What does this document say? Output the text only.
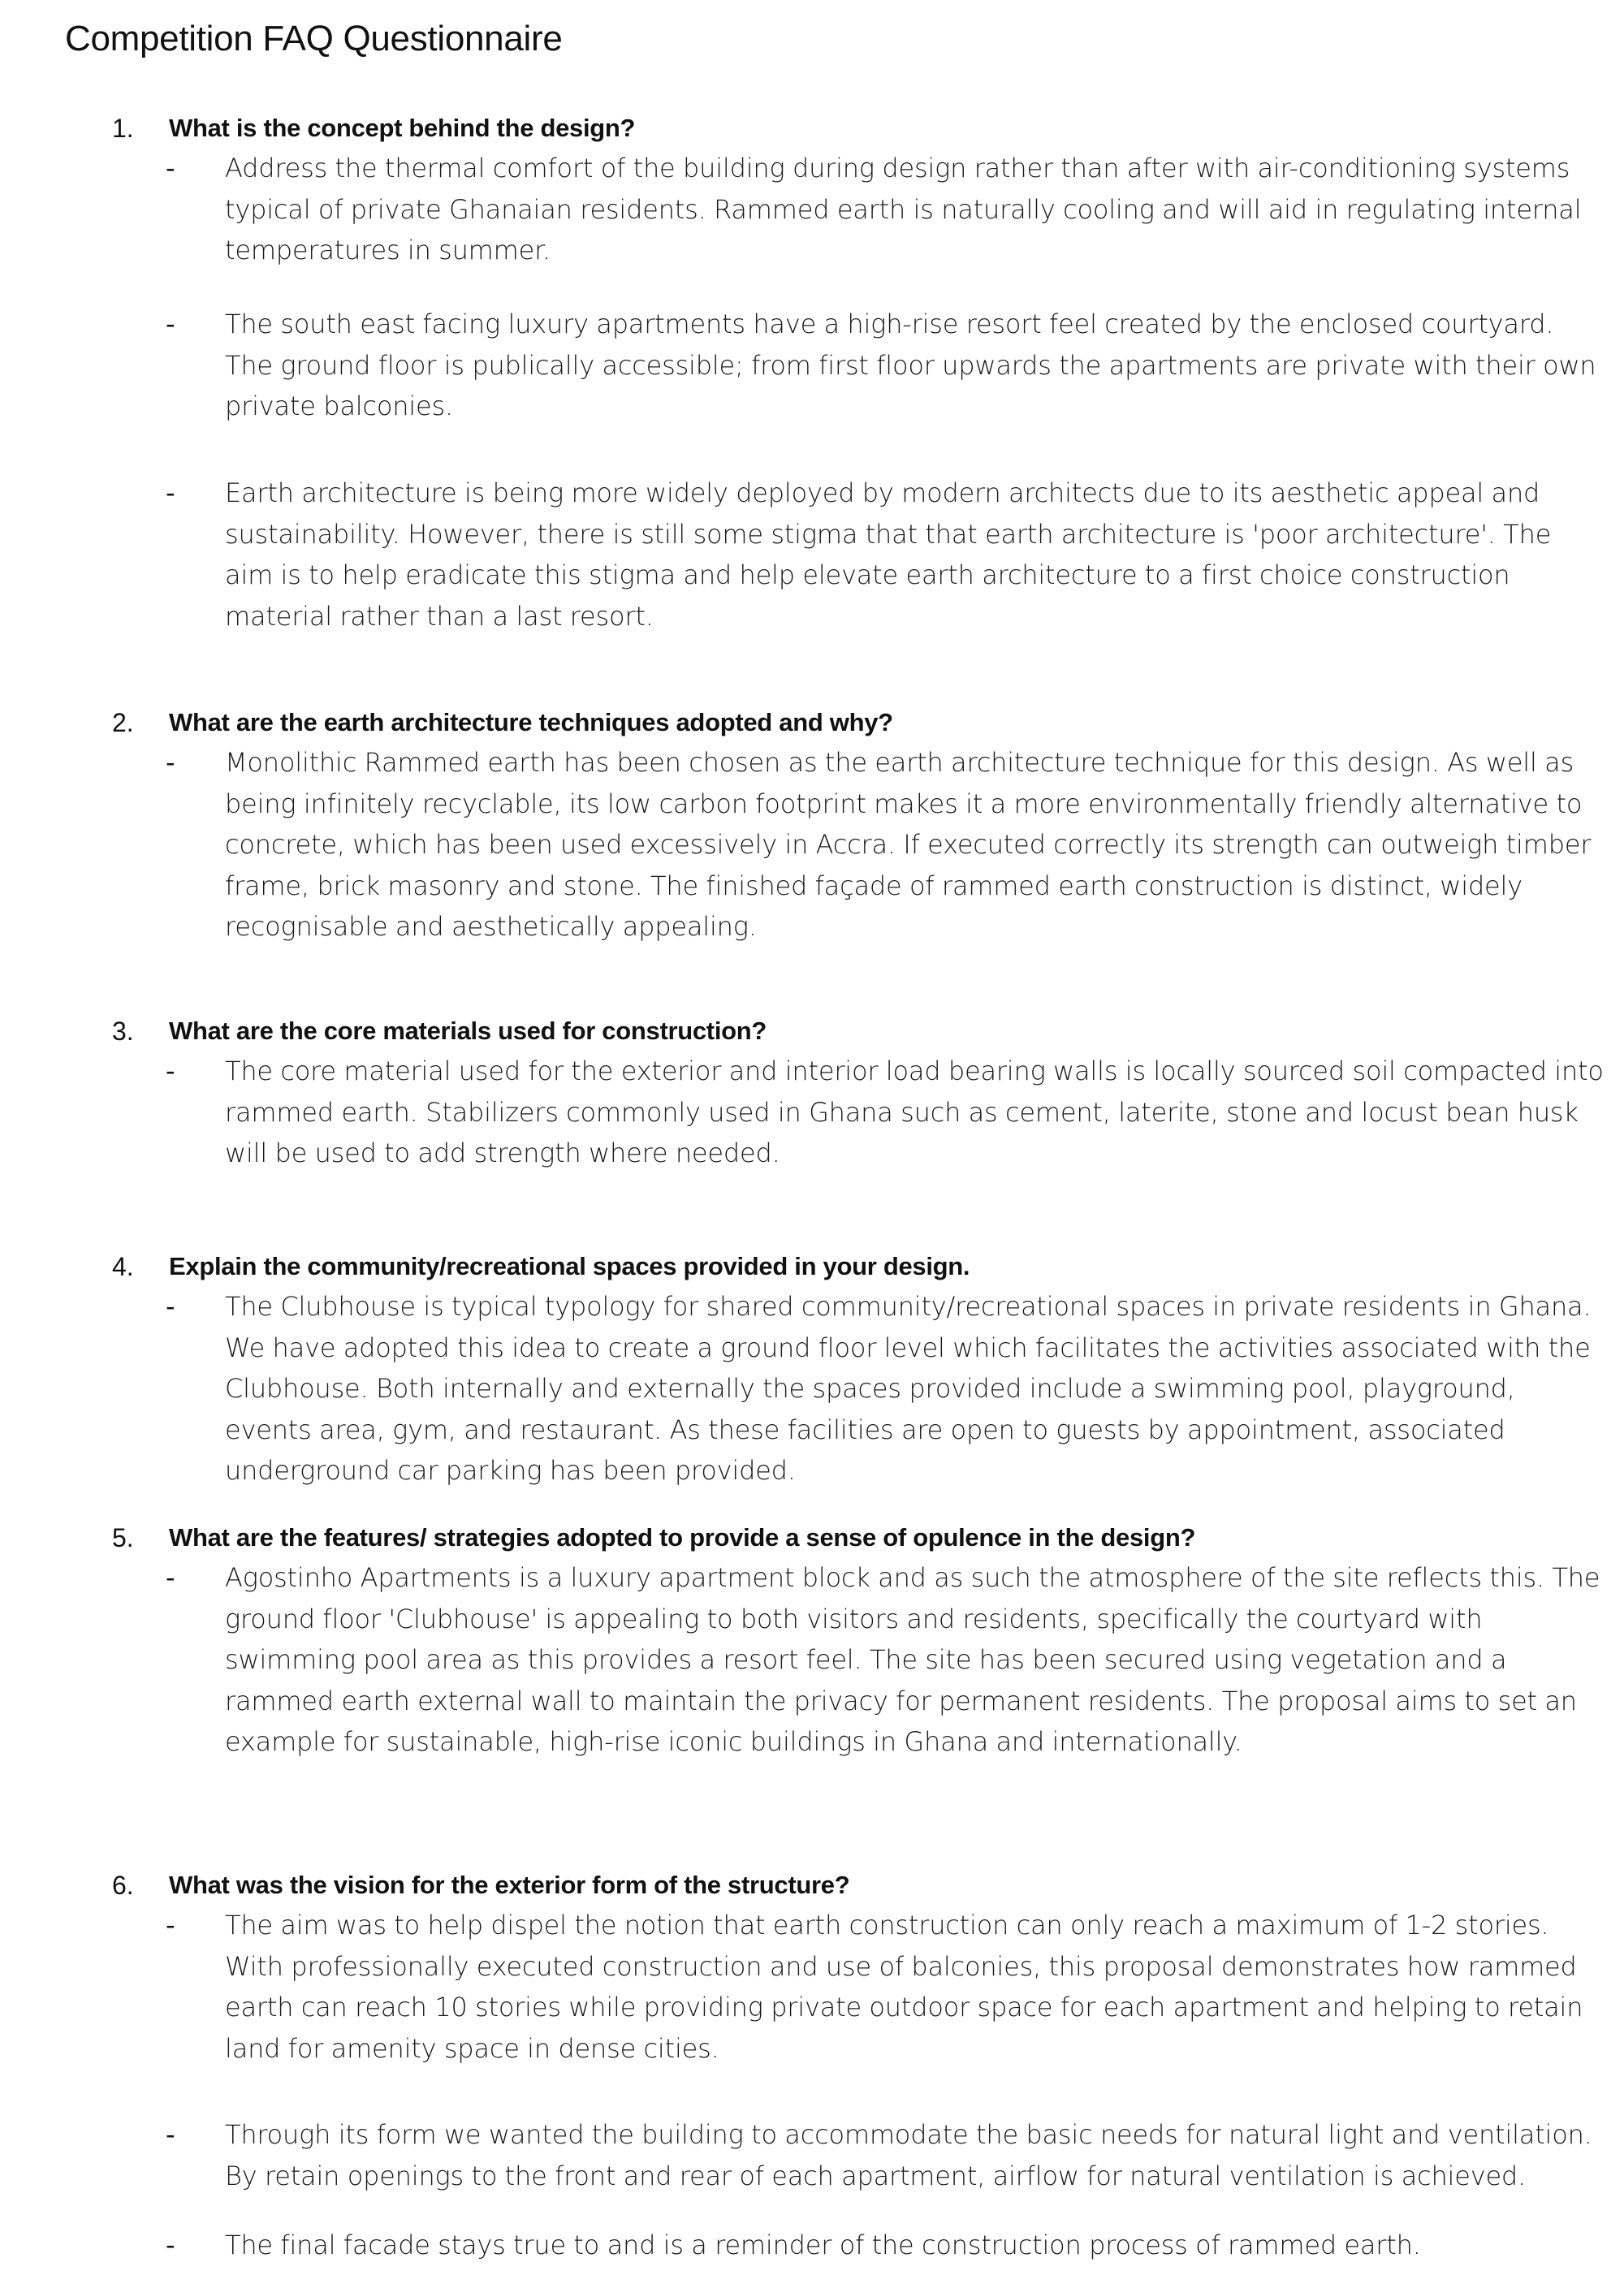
Competition FAQ Questionnaire
1. What is the concept behind the design?
- Address the thermal comfort of the building during design rather than after with air-conditioning systems typical of private Ghanaian residents. Rammed earth is naturally cooling and will aid in regulating internal temperatures in summer.

- The south east facing luxury apartments have a high-rise resort feel created by the enclosed courtyard. The ground floor is publically accessible; from first floor upwards the apartments are private with their own private balconies.

- Earth architecture is being more widely deployed by modern architects due to its aesthetic appeal and sustainability. However, there is still some stigma that that earth architecture is 'poor architecture'. The aim is to help eradicate this stigma and help elevate earth architecture to a first choice construction material rather than a last resort.

2. What are the earth architecture techniques adopted and why?
- Monolithic Rammed earth has been chosen as the earth architecture technique for this design. As well as being infinitely recyclable, its low carbon footprint makes it a more environmentally friendly alternative to concrete, which has been used excessively in Accra. If executed correctly its strength can outweigh timber frame, brick masonry and stone. The finished façade of rammed earth construction is distinct, widely recognisable and aesthetically appealing.

3. What are the core materials used for construction?
- The core material used for the exterior and interior load bearing walls is locally sourced soil compacted into rammed earth. Stabilizers commonly used in Ghana such as cement, laterite, stone and locust bean husk will be used to add strength where needed.

4. Explain the community/recreational spaces provided in your design.
- The Clubhouse is typical typology for shared community/recreational spaces in private residents in Ghana. We have adopted this idea to create a ground floor level which facilitates the activities associated with the Clubhouse. Both internally and externally the spaces provided include a swimming pool, playground, events area, gym, and restaurant. As these facilities are open to guests by appointment, associated underground car parking has been provided.

5. What are the features/ strategies adopted to provide a sense of opulence in the design?
- Agostinho Apartments is a luxury apartment block and as such the atmosphere of the site reflects this. The ground floor 'Clubhouse' is appealing to both visitors and residents, specifically the courtyard with swimming pool area as this provides a resort feel. The site has been secured using vegetation and a rammed earth external wall to maintain the privacy for permanent residents. The proposal aims to set an example for sustainable, high-rise iconic buildings in Ghana and internationally.

6. What was the vision for the exterior form of the structure?
- The aim was to help dispel the notion that earth construction can only reach a maximum of 1-2 stories. With professionally executed construction and use of balconies, this proposal demonstrates how rammed earth can reach 10 stories while providing private outdoor space for each apartment and helping to retain land for amenity space in dense cities.

- Through its form we wanted the building to accommodate the basic needs for natural light and ventilation. By retain openings to the front and rear of each apartment, airflow for natural ventilation is achieved.

- The final facade stays true to and is a reminder of the construction process of rammed earth.
